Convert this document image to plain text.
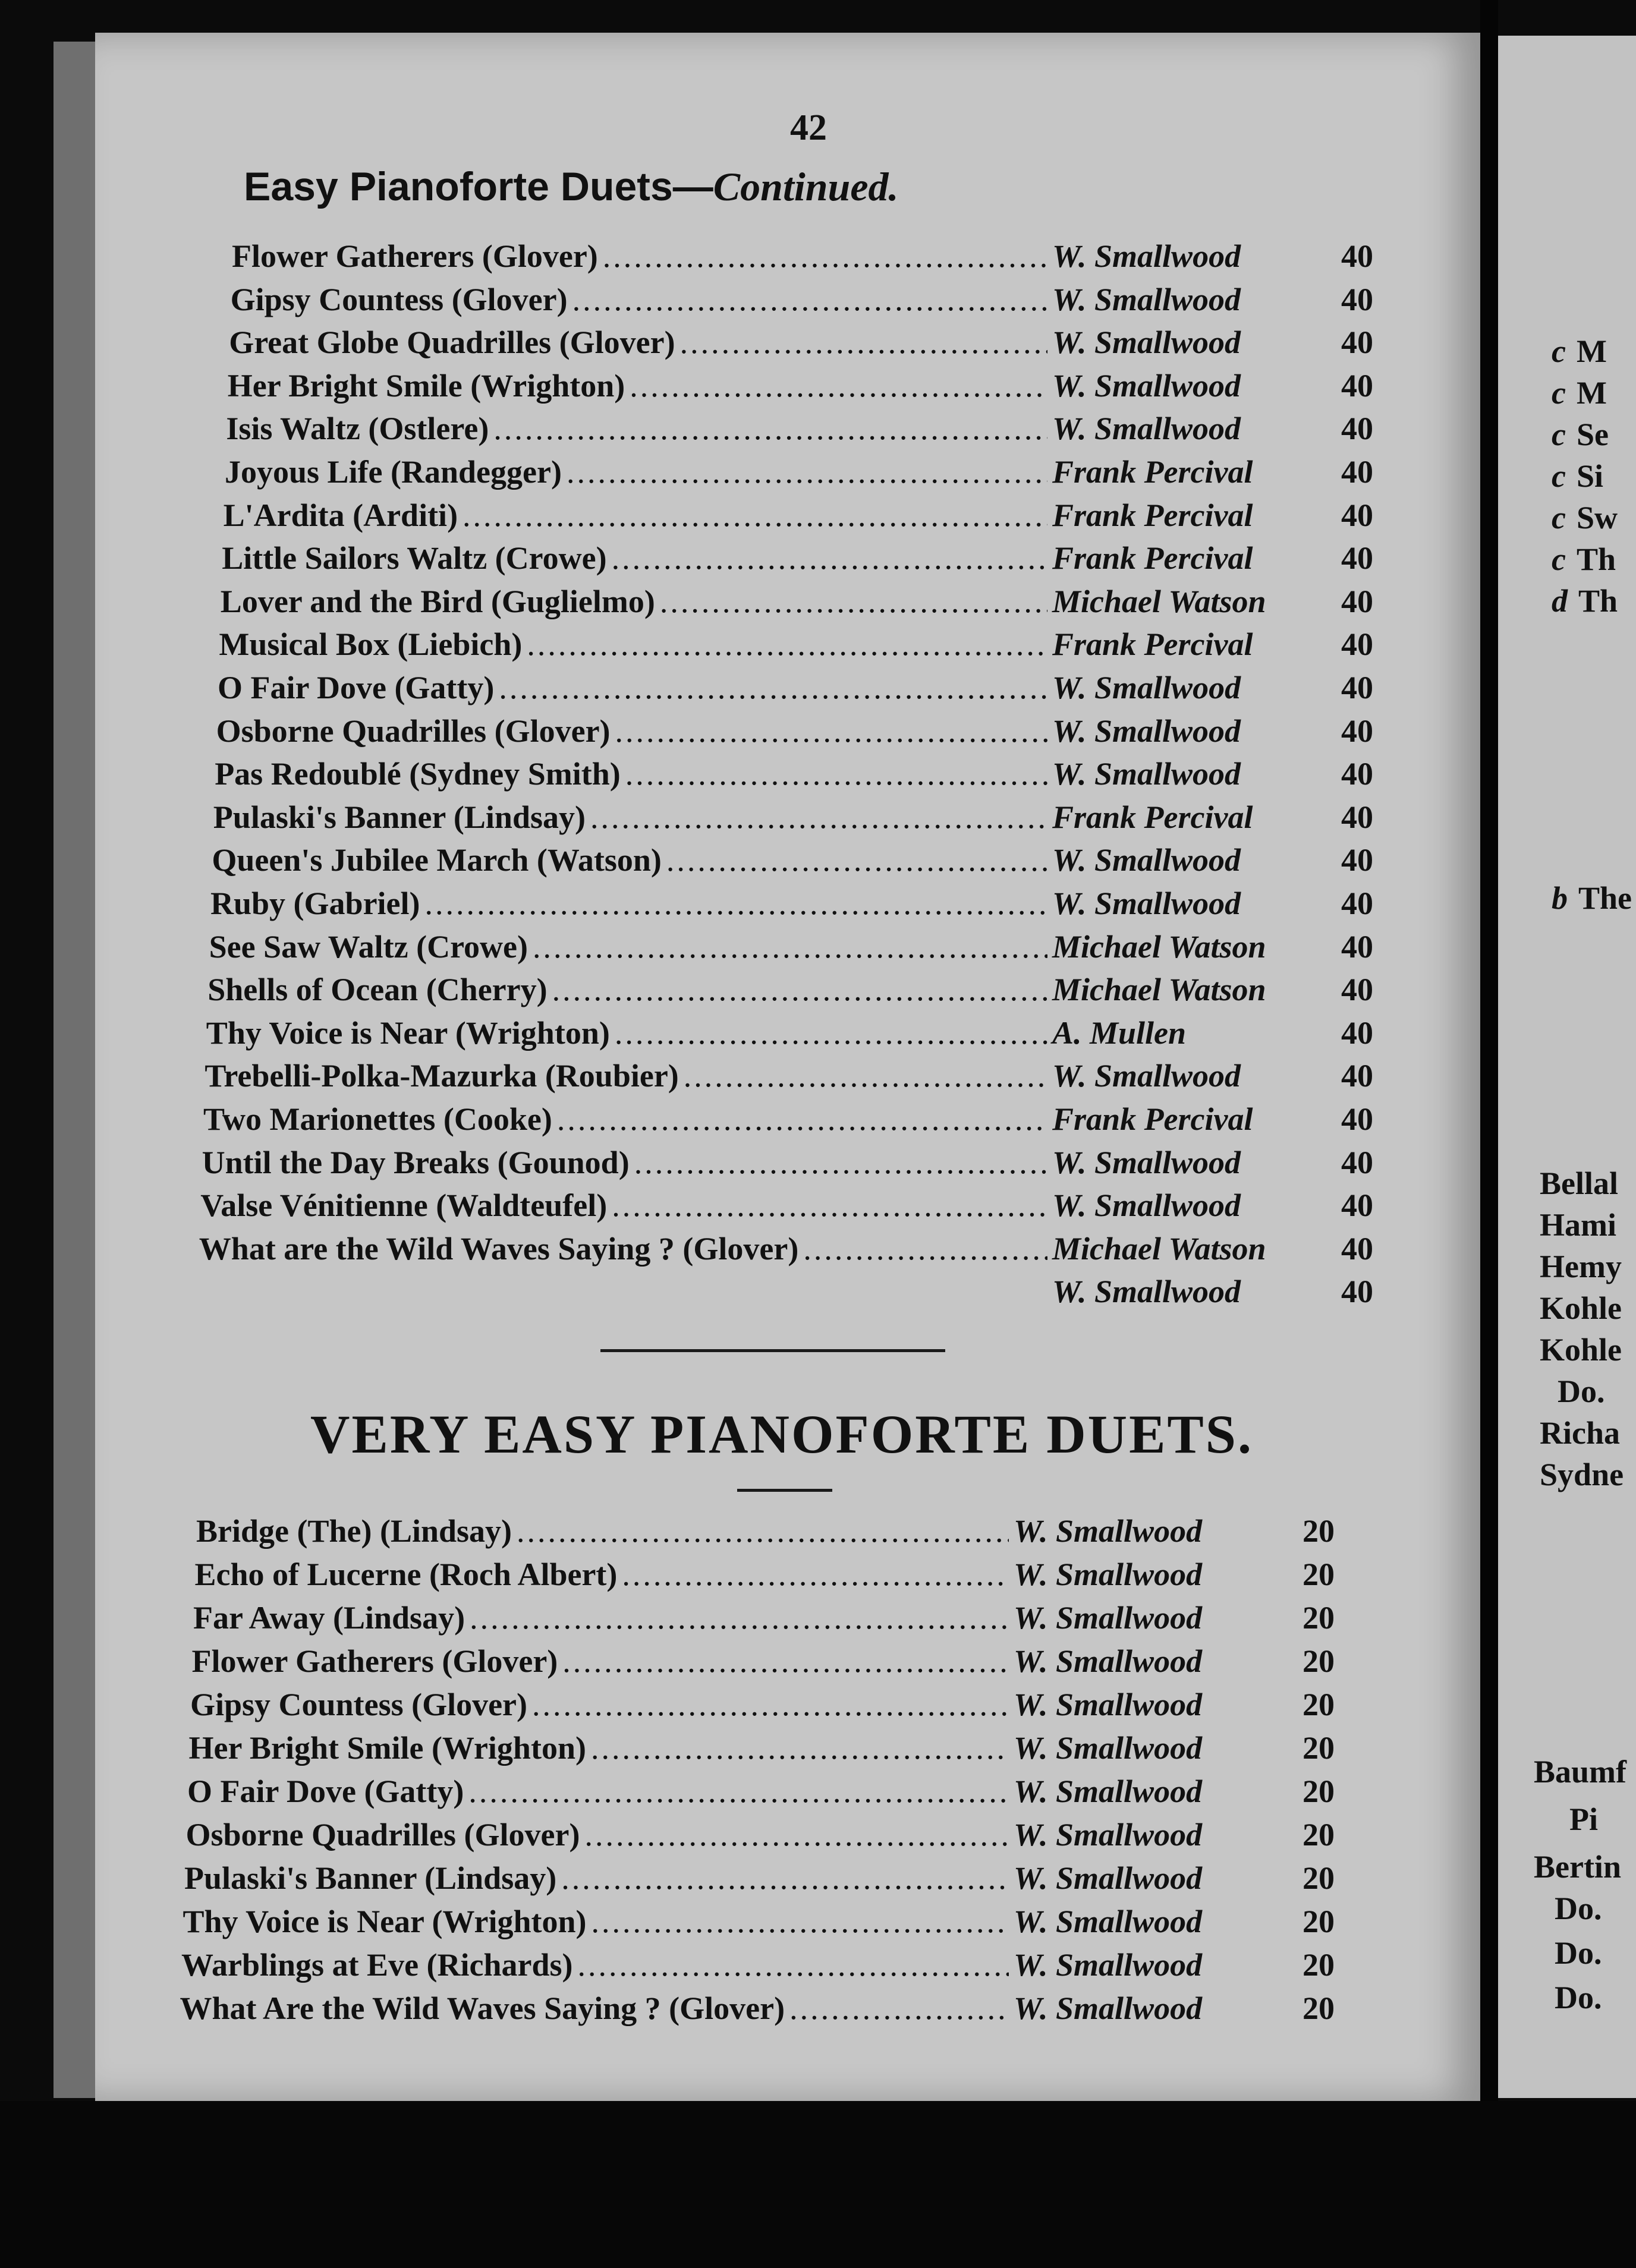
42
Easy Pianoforte Duets—Continued.
Flower Gatherers (Glover) .....	W. Smallwood	40
Gipsy Countess (Glover) .....	W. Smallwood	40
Great Globe Quadrilles (Glover) .....	W. Smallwood	40
Her Bright Smile (Wrighton) .....	W. Smallwood	40
Isis Waltz (Ostlere) .....	W. Smallwood	40
Joyous Life (Randegger) .....	Frank Percival	40
L'Ardita (Arditi) .....	Frank Percival	40
Little Sailors Waltz (Crowe) .....	Frank Percival	40
Lover and the Bird (Guglielmo) .....	Michael Watson	40
Musical Box (Liebich) .....	Frank Percival	40
O Fair Dove (Gatty) .....	W. Smallwood	40
Osborne Quadrilles (Glover) .....	W. Smallwood	40
Pas Redoublé (Sydney Smith) .....	W. Smallwood	40
Pulaski's Banner (Lindsay) .....	Frank Percival	40
Queen's Jubilee March (Watson) .....	W. Smallwood	40
Ruby (Gabriel) .....	W. Smallwood	40
See Saw Waltz (Crowe) .....	Michael Watson	40
Shells of Ocean (Cherry) .....	Michael Watson	40
Thy Voice is Near (Wrighton) .....	A. Mullen	40
Trebelli-Polka-Mazurka (Roubier) .....	W. Smallwood	40
Two Marionettes (Cooke) .....	Frank Percival	40
Until the Day Breaks (Gounod) .....	W. Smallwood	40
Valse Vénitienne (Waldteufel) .....	W. Smallwood	40
What are the Wild Waves Saying ? (Glover) .....	Michael Watson	40
W. Smallwood	40
VERY EASY PIANOFORTE DUETS.
Bridge (The) (Lindsay) .....	W. Smallwood	20
Echo of Lucerne (Roch Albert) .....	W. Smallwood	20
Far Away (Lindsay) .....	W. Smallwood	20
Flower Gatherers (Glover) .....	W. Smallwood	20
Gipsy Countess (Glover) .....	W. Smallwood	20
Her Bright Smile (Wrighton) .....	W. Smallwood	20
O Fair Dove (Gatty) .....	W. Smallwood	20
Osborne Quadrilles (Glover) .....	W. Smallwood	20
Pulaski's Banner (Lindsay) .....	W. Smallwood	20
Thy Voice is Near (Wrighton) .....	W. Smallwood	20
Warblings at Eve (Richards) .....	W. Smallwood	20
What Are the Wild Waves Saying ? (Glover) .....	W. Smallwood	20
c M
c M
c Se
c Si
c Sw
c Th
d Th
b The
Bellal
Hami
Hemy
Kohle
Kohle
Do.
Richa
Sydne
Baumf
Pi
Bertin
Do.
Do.
Do.
